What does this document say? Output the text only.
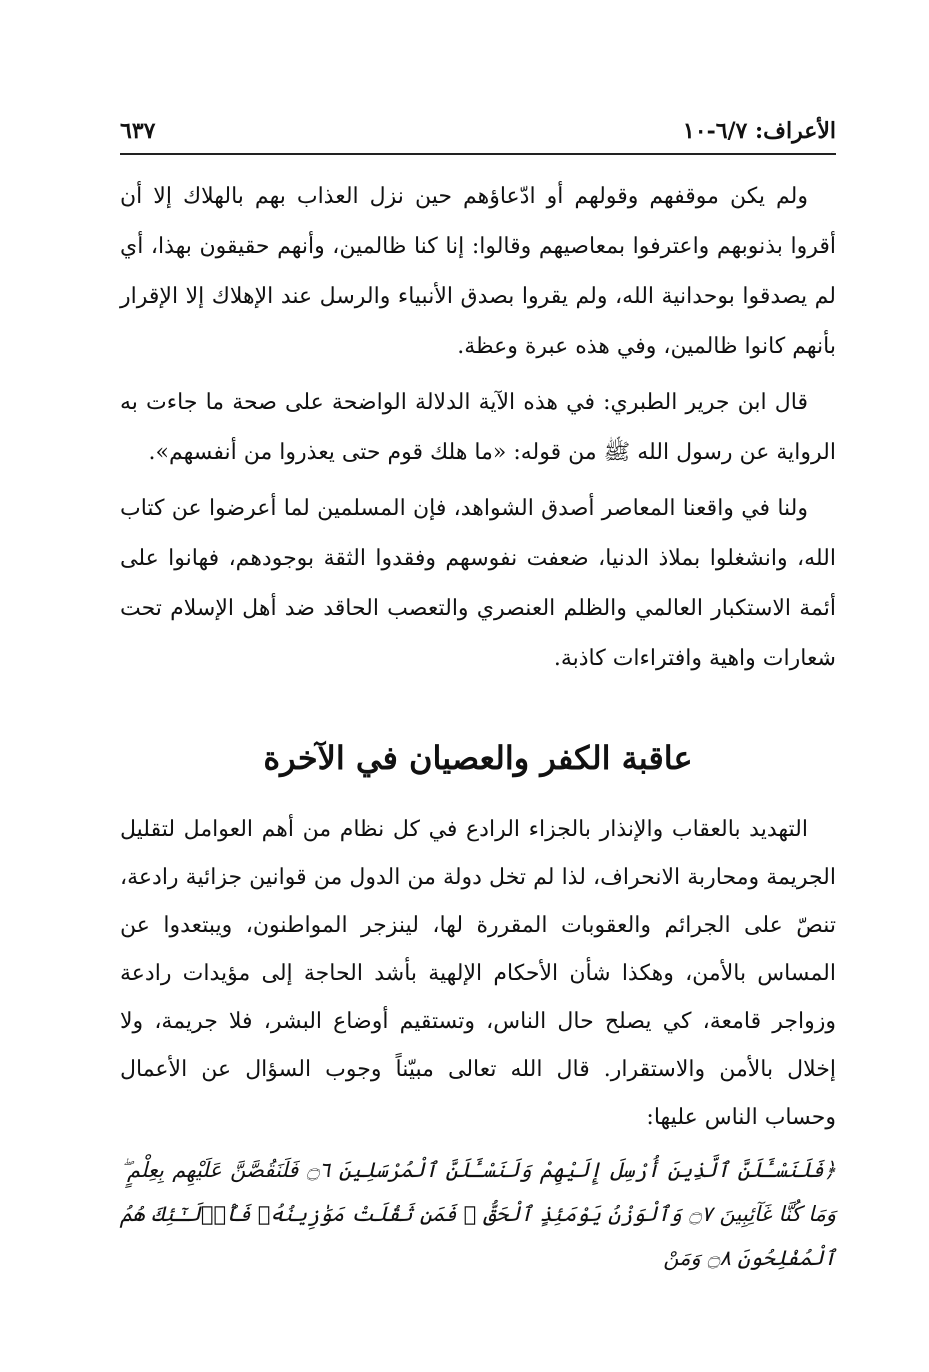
الأعراف: ٦/٧-١٠
٦٣٧

ولم يكن موقفهم وقولهم أو ادّعاؤهم حين نزل العذاب بهم بالهلاك إلا أن أقروا بذنوبهم واعترفوا بمعاصيهم وقالوا: إنا كنا ظالمين، وأنهم حقيقون بهذا، أي لم يصدقوا بوحدانية الله، ولم يقروا بصدق الأنبياء والرسل عند الإهلاك إلا الإقرار بأنهم كانوا ظالمين، وفي هذه عبرة وعظة.

قال ابن جرير الطبري: في هذه الآية الدلالة الواضحة على صحة ما جاءت به الرواية عن رسول الله ﷺ من قوله: «ما هلك قوم حتى يعذروا من أنفسهم».

ولنا في واقعنا المعاصر أصدق الشواهد، فإن المسلمين لما أعرضوا عن كتاب الله، وانشغلوا بملاذ الدنيا، ضعفت نفوسهم وفقدوا الثقة بوجودهم، فهانوا على أئمة الاستكبار العالمي والظلم العنصري والتعصب الحاقد ضد أهل الإسلام تحت شعارات واهية وافتراءات كاذبة.

عاقبة الكفر والعصيان في الآخرة

التهديد بالعقاب والإنذار بالجزاء الرادع في كل نظام من أهم العوامل لتقليل الجريمة ومحاربة الانحراف، لذا لم تخل دولة من الدول من قوانين جزائية رادعة، تنصّ على الجرائم والعقوبات المقررة لها، لينزجر المواطنون، ويبتعدوا عن المساس بالأمن، وهكذا شأن الأحكام الإلهية بأشد الحاجة إلى مؤيدات رادعة وزواجر قامعة، كي يصلح حال الناس، وتستقيم أوضاع البشر، فلا جريمة، ولا إخلال بالأمن والاستقرار. قال الله تعالى مبيّناً وجوب السؤال عن الأعمال وحساب الناس عليها:

﴿فَلَنَسْـَٔلَنَّ ٱلَّذِينَ أُرْسِلَ إِلَيْهِمْ وَلَنَسْـَٔلَنَّ ٱلْمُرْسَلِينَ ۝٦ فَلَنَقُصَّنَّ عَلَيْهِم بِعِلْمٍ ۖ وَمَا كُنَّا غَآئِبِينَ ۝٧ وَٱلْوَزْنُ يَوْمَئِذٍ ٱلْحَقُّ ۚ فَمَن ثَقُلَتْ مَوَٰزِينُهُۥ فَأُو۟لَـٰٓئِكَ هُمُ ٱلْمُفْلِحُونَ ۝٨ وَمَنْ
